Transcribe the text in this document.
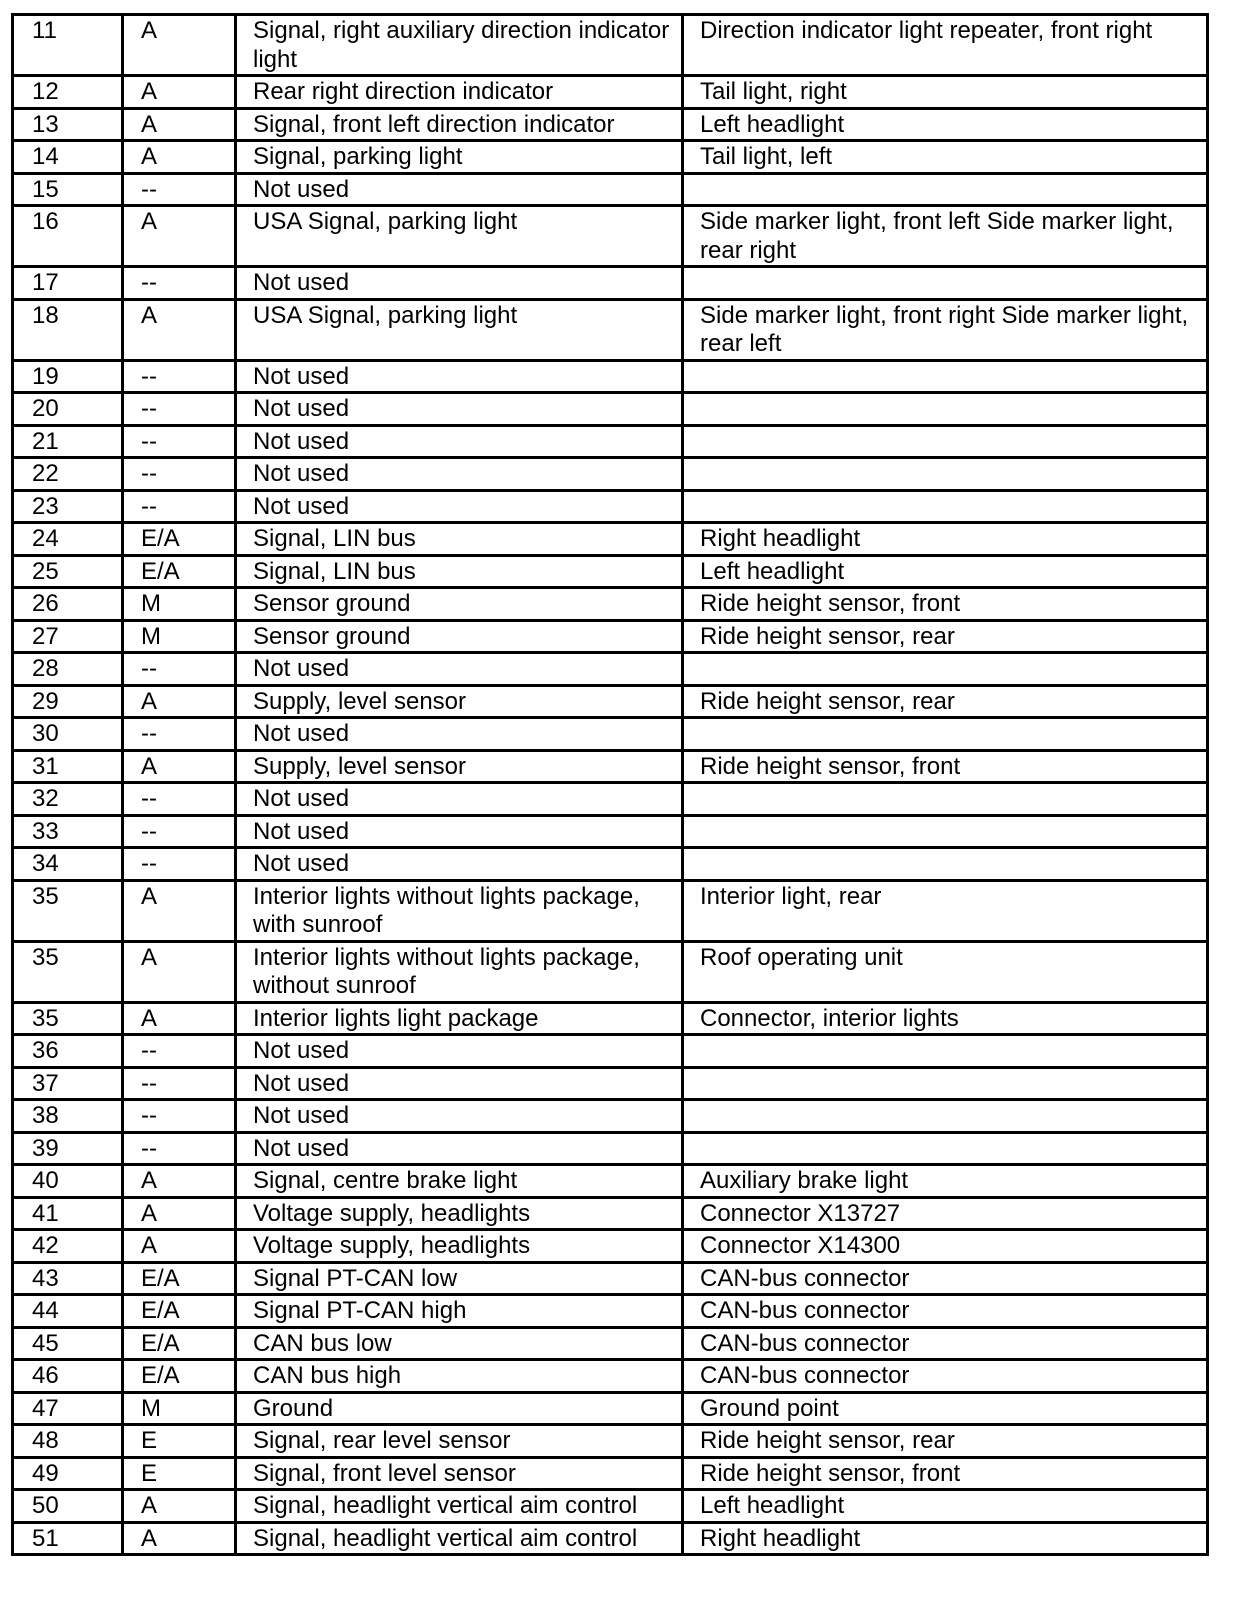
11	A	Signal, right auxiliary direction indicator light	Direction indicator light repeater, front right
12	A	Rear right direction indicator	Tail light, right
13	A	Signal, front left direction indicator	Left headlight
14	A	Signal, parking light	Tail light, left
15	--	Not used	
16	A	USA Signal, parking light	Side marker light, front left Side marker light, rear right
17	--	Not used	
18	A	USA Signal, parking light	Side marker light, front right Side marker light, rear left
19	--	Not used	
20	--	Not used	
21	--	Not used	
22	--	Not used	
23	--	Not used	
24	E/A	Signal, LIN bus	Right headlight
25	E/A	Signal, LIN bus	Left headlight
26	M	Sensor ground	Ride height sensor, front
27	M	Sensor ground	Ride height sensor, rear
28	--	Not used	
29	A	Supply, level sensor	Ride height sensor, rear
30	--	Not used	
31	A	Supply, level sensor	Ride height sensor, front
32	--	Not used	
33	--	Not used	
34	--	Not used	
35	A	Interior lights without lights package, with sunroof	Interior light, rear
35	A	Interior lights without lights package, without sunroof	Roof operating unit
35	A	Interior lights light package	Connector, interior lights
36	--	Not used	
37	--	Not used	
38	--	Not used	
39	--	Not used	
40	A	Signal, centre brake light	Auxiliary brake light
41	A	Voltage supply, headlights	Connector X13727
42	A	Voltage supply, headlights	Connector X14300
43	E/A	Signal PT-CAN low	CAN-bus connector
44	E/A	Signal PT-CAN high	CAN-bus connector
45	E/A	CAN bus low	CAN-bus connector
46	E/A	CAN bus high	CAN-bus connector
47	M	Ground	Ground point
48	E	Signal, rear level sensor	Ride height sensor, rear
49	E	Signal, front level sensor	Ride height sensor, front
50	A	Signal, headlight vertical aim control	Left headlight
51	A	Signal, headlight vertical aim control	Right headlight
